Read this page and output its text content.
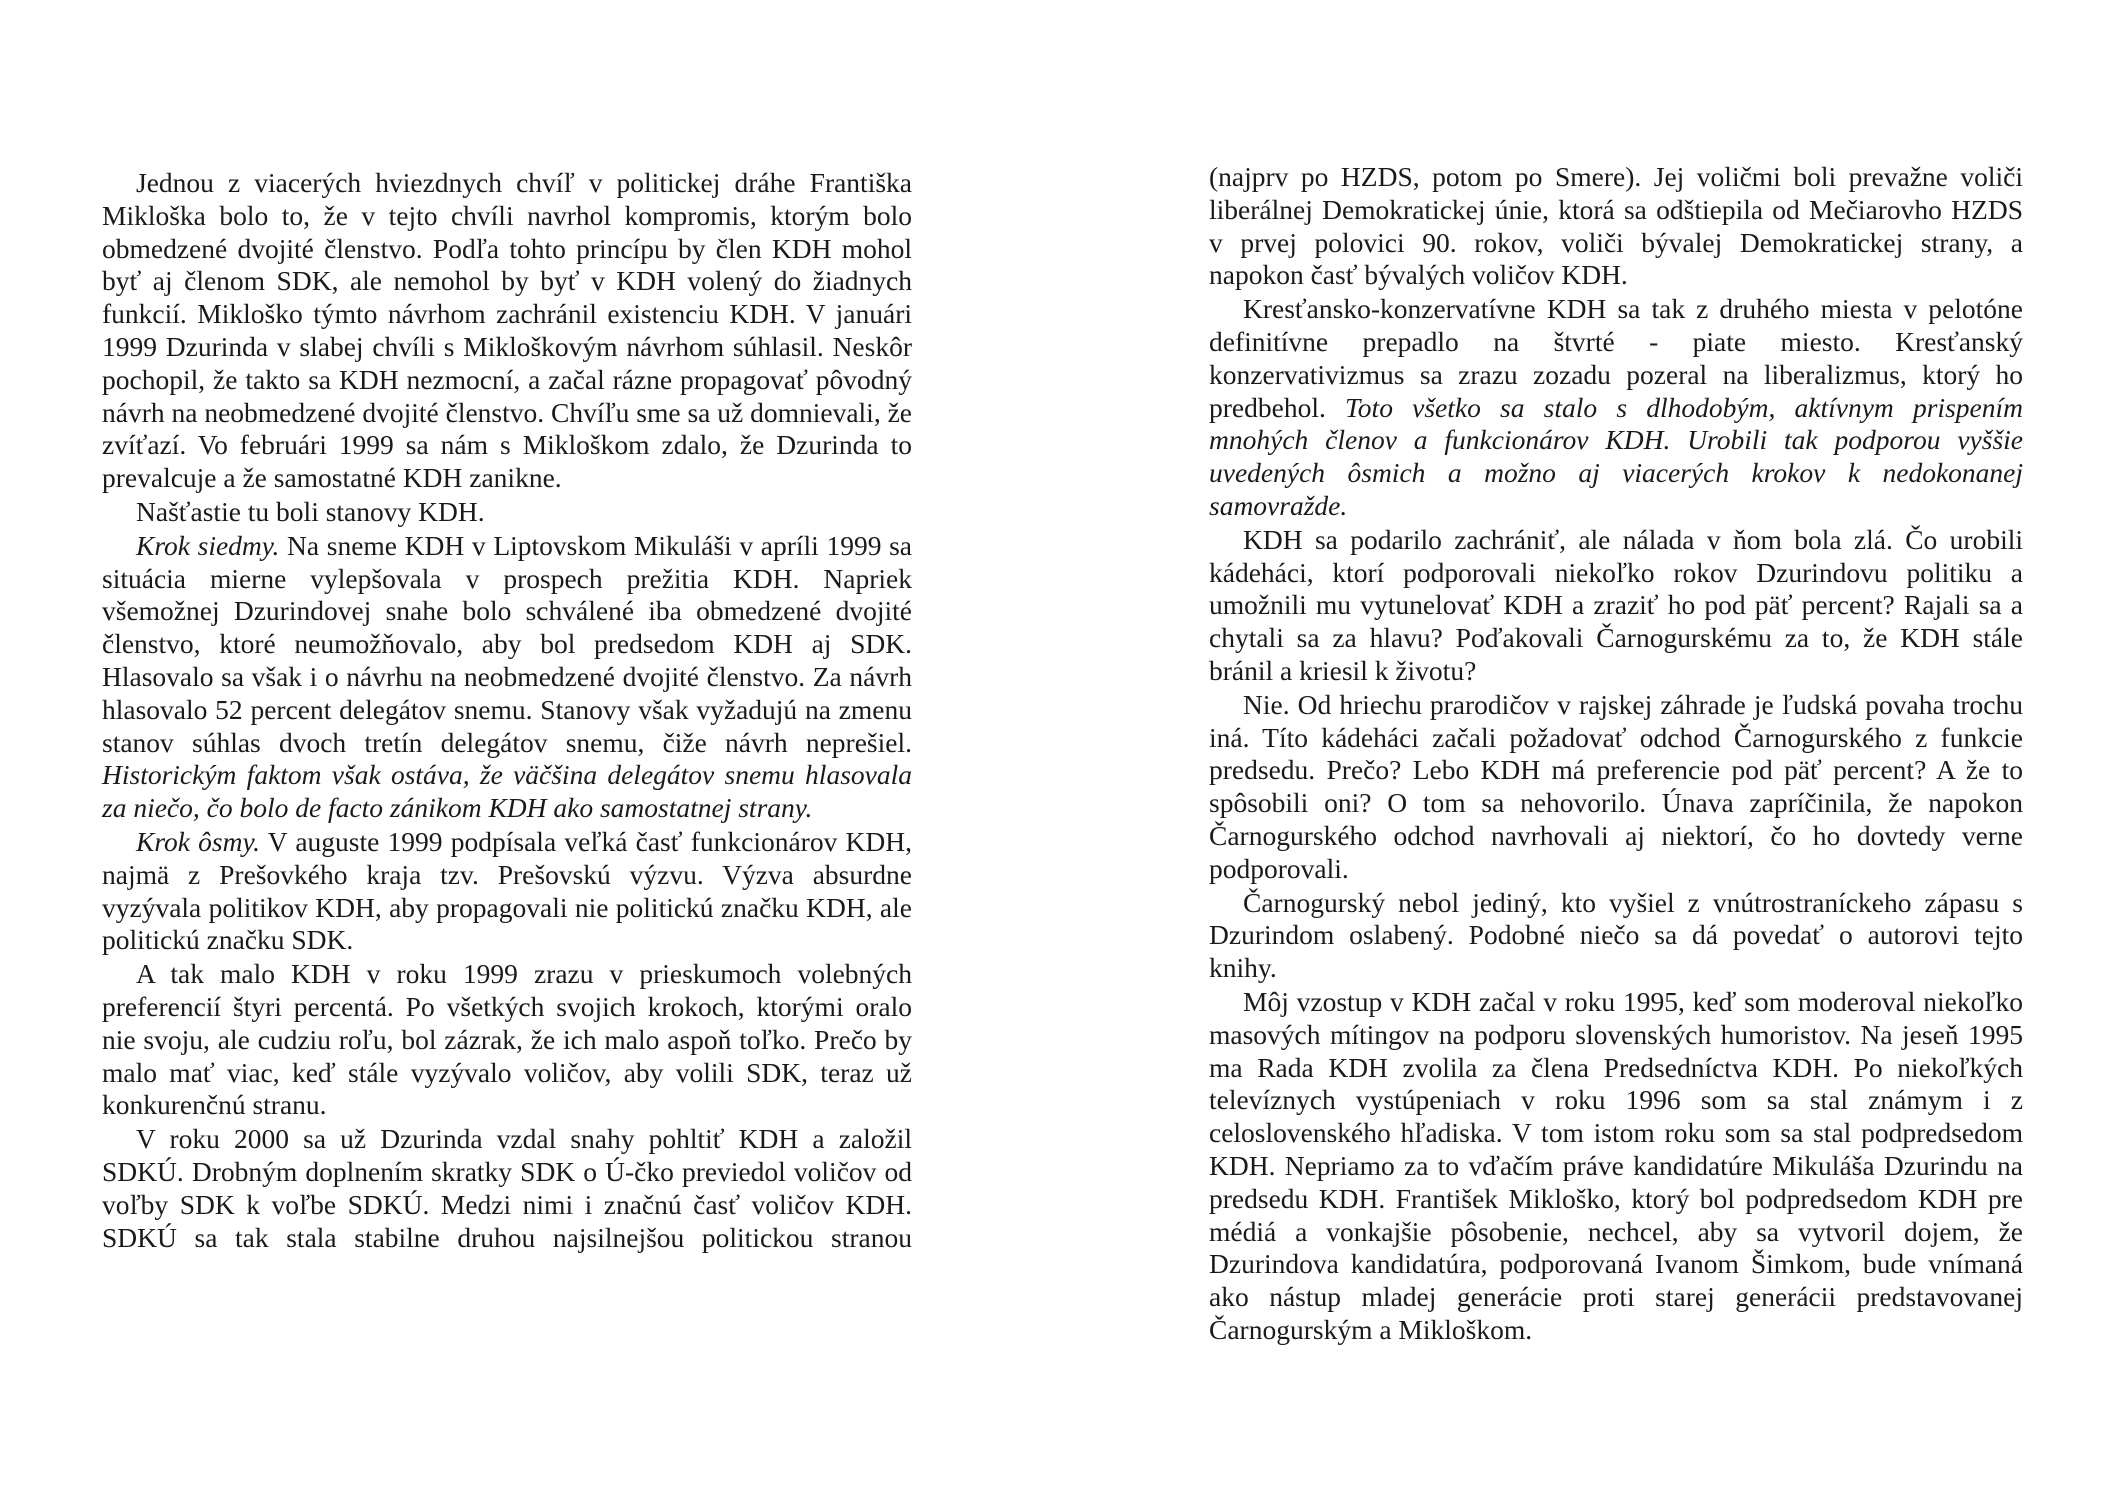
Jednou z viacerých hviezdnych chvíľ v politickej dráhe Františka Mikloška bolo to, že v tejto chvíli navrhol kompromis, ktorým bolo obmedzené dvojité členstvo. Podľa tohto princípu by člen KDH mohol byť aj členom SDK, ale nemohol by byť v KDH volený do žiadnych funkcií. Mikloško týmto návrhom zachránil existenciu KDH. V januári 1999 Dzurinda v slabej chvíli s Mikloškovým návrhom súhlasil. Neskôr pochopil, že takto sa KDH nezmocní, a začal rázne propagovať pôvodný návrh na neobmedzené dvojité členstvo. Chvíľu sme sa už domnievali, že zvíťazí. Vo februári 1999 sa nám s Mikloškom zdalo, že Dzurinda to prevalcuje a že samostatné KDH zanikne.

Našťastie tu boli stanovy KDH.

Krok siedmy. Na sneme KDH v Liptovskom Mikuláši v apríli 1999 sa situácia mierne vylepšovala v prospech prežitia KDH. Napriek všemožnej Dzurindovej snahe bolo schválené iba obmedzené dvojité členstvo, ktoré neumožňovalo, aby bol predsedom KDH aj SDK. Hlasovalo sa však i o návrhu na neobmedzené dvojité členstvo. Za návrh hlasovalo 52 percent delegátov snemu. Stanovy však vyžadujú na zmenu stanov súhlas dvoch tretín delegátov snemu, čiže návrh neprešiel. Historickým faktom však ostáva, že väčšina delegátov snemu hlasovala za niečo, čo bolo de facto zánikom KDH ako samostatnej strany.

Krok ôsmy. V auguste 1999 podpísala veľká časť funkcionárov KDH, najmä z Prešovkého kraja tzv. Prešovskú výzvu. Výzva absurdne vyzývala politikov KDH, aby propagovali nie politickú značku KDH, ale politickú značku SDK.

A tak malo KDH v roku 1999 zrazu v prieskumoch volebných preferencií štyri percentá. Po všetkých svojich krokoch, ktorými oralo nie svoju, ale cudziu roľu, bol zázrak, že ich malo aspoň toľko. Prečo by malo mať viac, keď stále vyzývalo voličov, aby volili SDK, teraz už konkurenčnú stranu.

V roku 2000 sa už Dzurinda vzdal snahy pohltiť KDH a založil SDKÚ. Drobným doplnením skratky SDK o Ú-čko previedol voličov od voľby SDK k voľbe SDKÚ. Medzi nimi i značnú časť voličov KDH. SDKÚ sa tak stala stabilne druhou najsilnejšou politickou stranou

(najprv po HZDS, potom po Smere). Jej voličmi boli prevažne voliči liberálnej Demokratickej únie, ktorá sa odštiepila od Mečiarovho HZDS v prvej polovici 90. rokov, voliči bývalej Demokratickej strany, a napokon časť bývalých voličov KDH.

Kresťansko-konzervatívne KDH sa tak z druhého miesta v pelotóne definitívne prepadlo na štvrté - piate miesto. Kresťanský konzervativizmus sa zrazu zozadu pozeral na liberalizmus, ktorý ho predbehol. Toto všetko sa stalo s dlhodobým, aktívnym prispením mnohých členov a funkcionárov KDH. Urobili tak podporou vyššie uvedených ôsmich a možno aj viacerých krokov k nedokonanej samovražde.

KDH sa podarilo zachrániť, ale nálada v ňom bola zlá. Čo urobili kádeháci, ktorí podporovali niekoľko rokov Dzurindovu politiku a umožnili mu vytunelovať KDH a zraziť ho pod päť percent? Rajali sa a chytali sa za hlavu? Poďakovali Čarnogurskému za to, že KDH stále bránil a kriesil k životu?

Nie. Od hriechu prarodičov v rajskej záhrade je ľudská povaha trochu iná. Títo kádeháci začali požadovať odchod Čarnogurského z funkcie predsedu. Prečo? Lebo KDH má preferencie pod päť percent? A že to spôsobili oni? O tom sa nehovorilo. Únava zapríčinila, že napokon Čarnogurského odchod navrhovali aj niektorí, čo ho dovtedy verne podporovali.

Čarnogurský nebol jediný, kto vyšiel z vnútrostraníckeho zápasu s Dzurindom oslabený. Podobné niečo sa dá povedať o autorovi tejto knihy.

Môj vzostup v KDH začal v roku 1995, keď som moderoval niekoľko masových mítingov na podporu slovenských humoristov. Na jeseň 1995 ma Rada KDH zvolila za člena Predsedníctva KDH. Po niekoľkých televíznych vystúpeniach v roku 1996 som sa stal známym i z celoslovenského hľadiska. V tom istom roku som sa stal podpredsedom KDH. Nepriamo za to vďačím práve kandidatúre Mikuláša Dzurindu na predsedu KDH. František Mikloško, ktorý bol podpredsedom KDH pre médiá a vonkajšie pôsobenie, nechcel, aby sa vytvoril dojem, že Dzurindova kandidatúra, podporovaná Ivanom Šimkom, bude vnímaná ako nástup mladej generácie proti starej generácii predstavovanej Čarnogurským a Mikloškom.
